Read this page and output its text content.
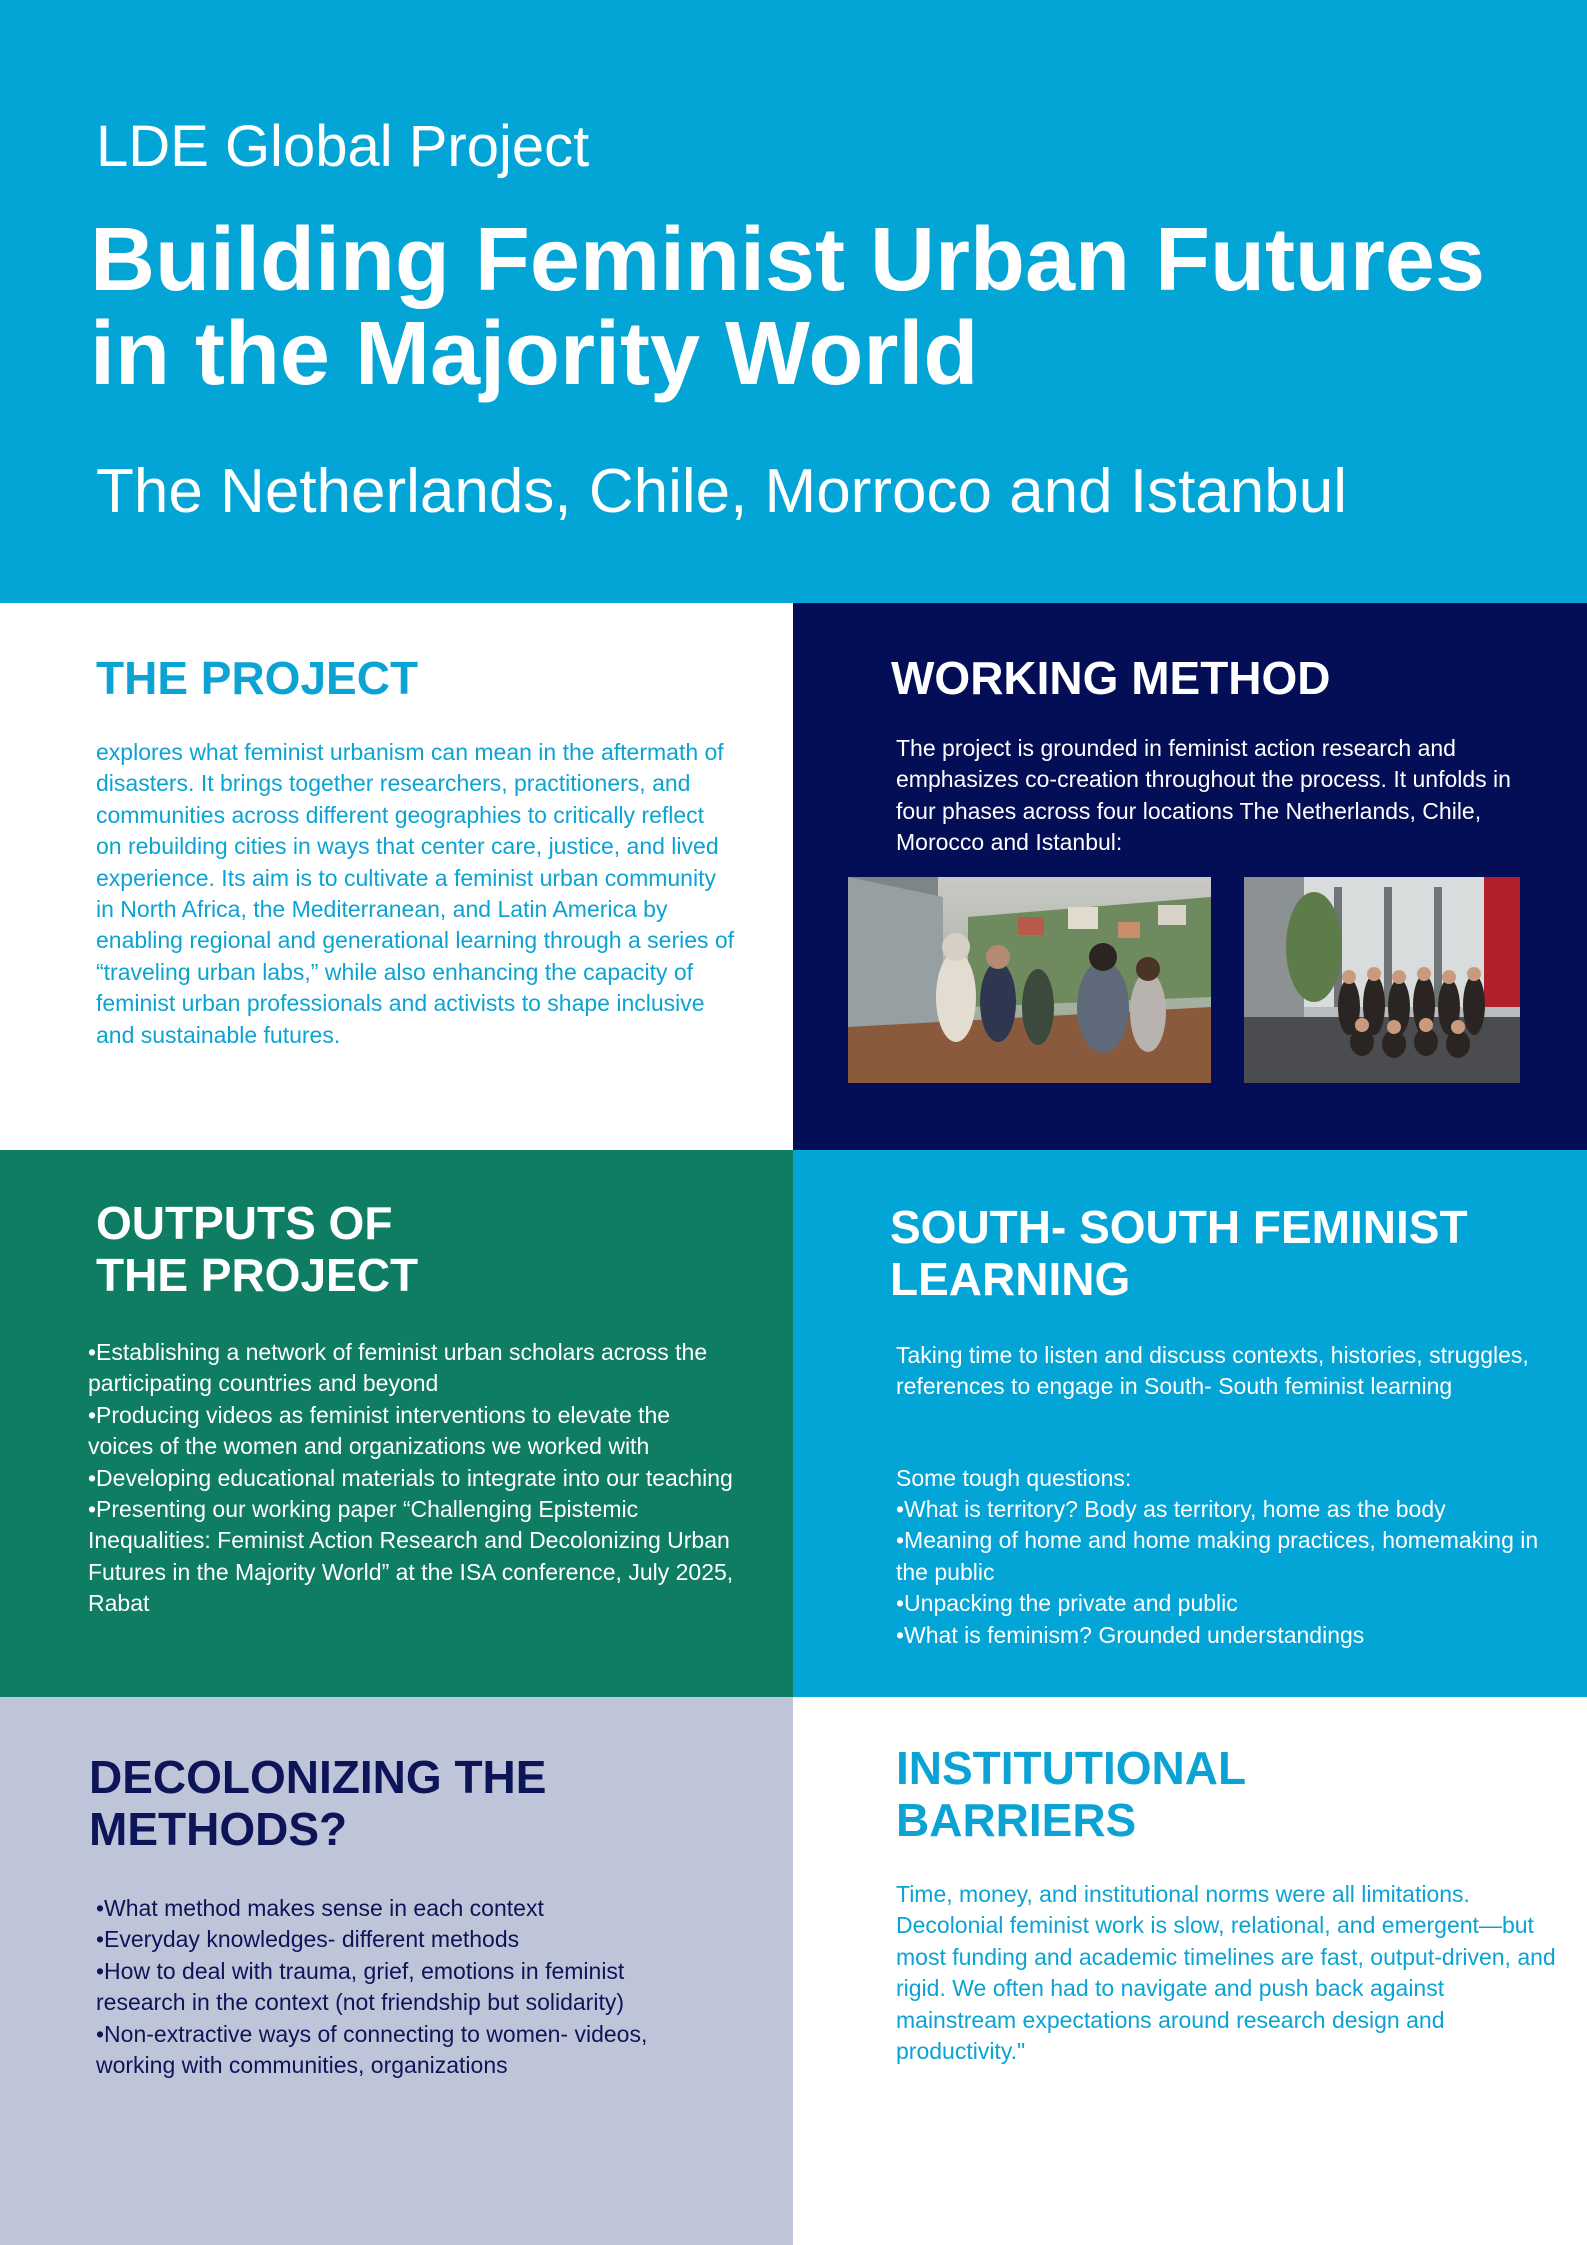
LDE Global Project

Building Feminist Urban Futures in the Majority World

The Netherlands, Chile, Morroco and Istanbul

THE PROJECT

explores what feminist urbanism can mean in the aftermath of disasters. It brings together researchers, practitioners, and communities across different geographies to critically reflect on rebuilding cities in ways that center care, justice, and lived experience. Its aim is to cultivate a feminist urban community in North Africa, the Mediterranean, and Latin America by enabling regional and generational learning through a series of “traveling urban labs,” while also enhancing the capacity of feminist urban professionals and activists to shape inclusive and sustainable futures.

WORKING METHOD

The project is grounded in feminist action research and emphasizes co-creation throughout the process. It unfolds in four phases across four locations The Netherlands, Chile, Morocco and Istanbul:

OUTPUTS OF
THE PROJECT
•Establishing a network of feminist urban scholars across the participating countries and beyond
•Producing videos as feminist interventions to elevate the voices of the women and organizations we worked with
•Developing educational materials to integrate into our teaching
•Presenting our working paper “Challenging Epistemic Inequalities: Feminist Action Research and Decolonizing Urban Futures in the Majority World” at the ISA conference, July 2025, Rabat
SOUTH- SOUTH FEMINIST
LEARNING

Taking time to listen and discuss contexts, histories, struggles, references to engage in South- South feminist learning

Some tough questions:

•What is territory? Body as territory, home as the body
•Meaning of home and home making practices, homemaking in the public
•Unpacking the private and public
•What is feminism? Grounded understandings
DECOLONIZING THE
METHODS?
•What method makes sense in each context
•Everyday knowledges- different methods
•How to deal with trauma, grief, emotions in feminist research in the context (not friendship but solidarity)
•Non-extractive ways of connecting to women- videos, working with communities, organizations
INSTITUTIONAL
BARRIERS

Time, money, and institutional norms were all limitations. Decolonial feminist work is slow, relational, and emergent—but most funding and academic timelines are fast, output-driven, and rigid. We often had to navigate and push back against mainstream expectations around research design and productivity."
